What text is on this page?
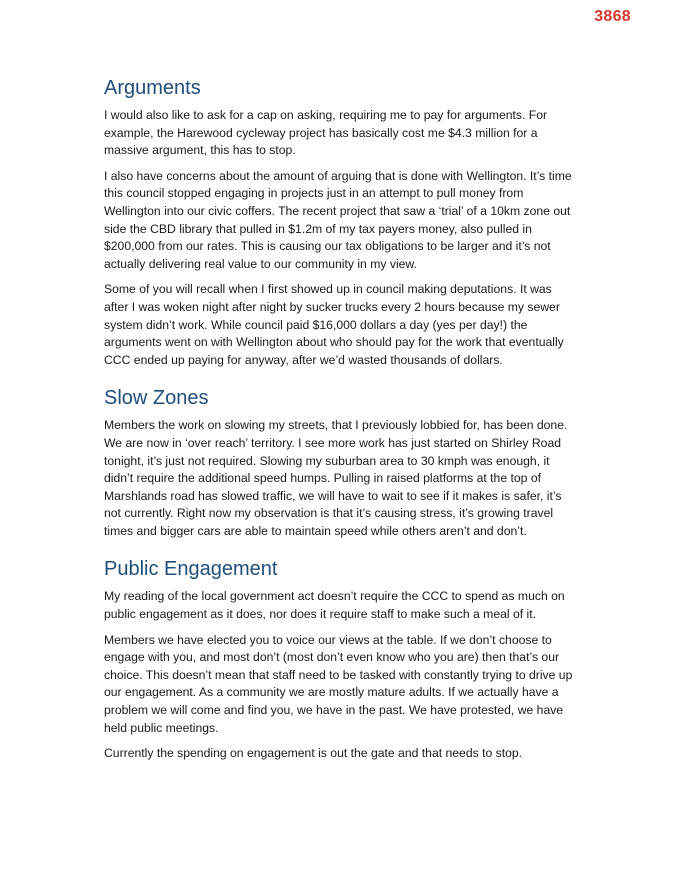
3868
Arguments

I would also like to ask for a cap on asking, requiring me to pay for arguments. For example, the Harewood cycleway project has basically cost me $4.3 million for a massive argument, this has to stop.

I also have concerns about the amount of arguing that is done with Wellington. It’s time this council stopped engaging in projects just in an attempt to pull money from Wellington into our civic coffers. The recent project that saw a ‘trial’ of a 10km zone out side the CBD library that pulled in $1.2m of my tax payers money, also pulled in $200,000 from our rates. This is causing our tax obligations to be larger and it’s not actually delivering real value to our community in my view.

Some of you will recall when I first showed up in council making deputations. It was after I was woken night after night by sucker trucks every 2 hours because my sewer system didn’t work. While council paid $16,000 dollars a day (yes per day!) the arguments went on with Wellington about who should pay for the work that eventually CCC ended up paying for anyway, after we’d wasted thousands of dollars.

Slow Zones

Members the work on slowing my streets, that I previously lobbied for, has been done. We are now in ‘over reach’ territory. I see more work has just started on Shirley Road tonight, it’s just not required. Slowing my suburban area to 30 kmph was enough, it didn’t require the additional speed humps. Pulling in raised platforms at the top of Marshlands road has slowed traffic, we will have to wait to see if it makes is safer, it’s not currently. Right now my observation is that it’s causing stress, it’s growing travel times and bigger cars are able to maintain speed while others aren’t and don’t.

Public Engagement

My reading of the local government act doesn’t require the CCC to spend as much on public engagement as it does, nor does it require staff to make such a meal of it.

Members we have elected you to voice our views at the table. If we don’t choose to engage with you, and most don’t (most don’t even know who you are) then that’s our choice. This doesn’t mean that staff need to be tasked with constantly trying to drive up our engagement. As a community we are mostly mature adults. If we actually have a problem we will come and find you, we have in the past. We have protested, we have held public meetings.

Currently the spending on engagement is out the gate and that needs to stop.
